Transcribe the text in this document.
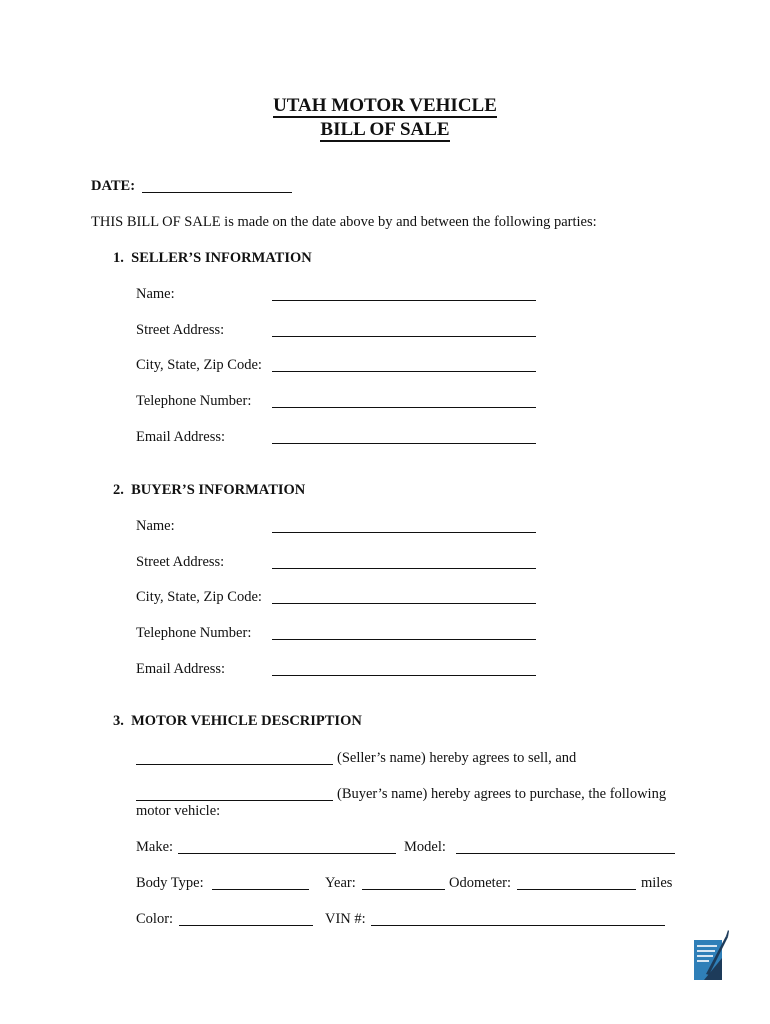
UTAH MOTOR VEHICLE
BILL OF SALE
DATE:
THIS BILL OF SALE is made on the date above by and between the following parties:
1.  SELLER’S INFORMATION
Name:
Street Address:
City, State, Zip Code:
Telephone Number:
Email Address:
2.  BUYER’S INFORMATION
Name:
Street Address:
City, State, Zip Code:
Telephone Number:
Email Address:
3.  MOTOR VEHICLE DESCRIPTION
(Seller’s name) hereby agrees to sell, and
(Buyer’s name) hereby agrees to purchase, the following
motor vehicle:
Make:	Model:
Body Type:	Year:	Odometer:	miles
Color:	VIN #:
